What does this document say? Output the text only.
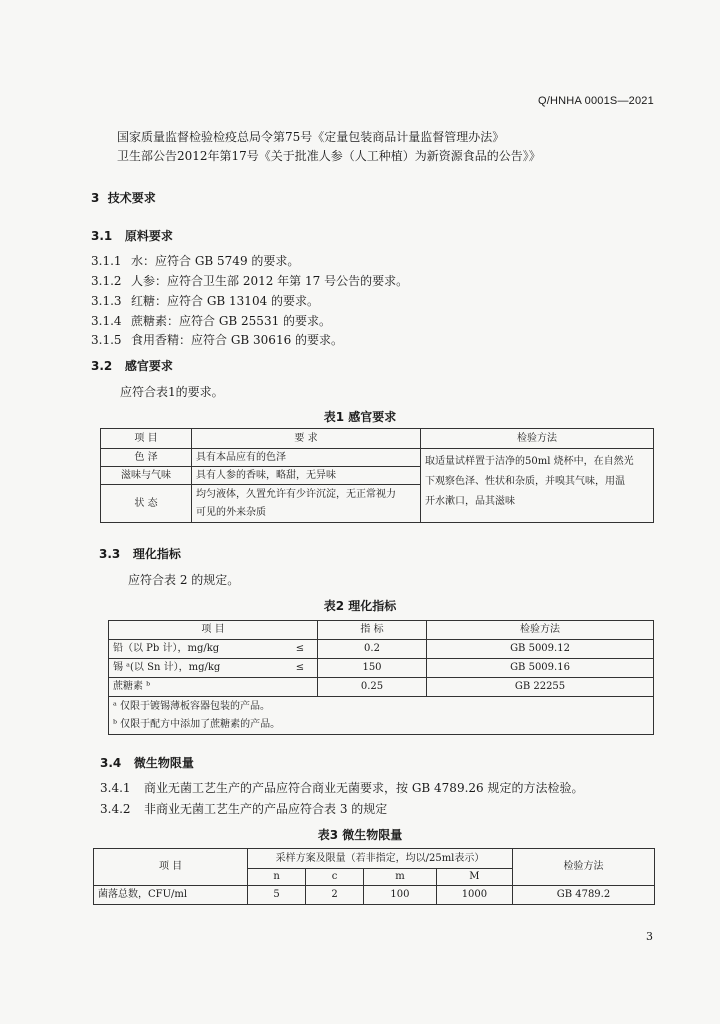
Q/HNHA 0001S—2021
国家质量监督检验检疫总局令第75号《定量包装商品计量监督管理办法》
卫生部公告2012年第17号《关于批准人参（人工种植）为新资源食品的公告》》
3 技术要求
3.1 原料要求
3.1.1 水：应符合 GB 5749 的要求。
3.1.2 人参：应符合卫生部 2012 年第 17 号公告的要求。
3.1.3 红糖：应符合 GB 13104 的要求。
3.1.4 蔗糖素：应符合 GB 25531 的要求。
3.1.5 食用香精：应符合 GB 30616 的要求。
3.2 感官要求
应符合表1的要求。
表1 感官要求
项 目	要 求	检验方法
色 泽	具有本品应有的色泽	取适量试样置于洁净的50ml 烧杯中，在自然光
下观察色泽、性状和杂质，并嗅其气味，用温
开水漱口，品其滋味

滋味与气味	具有人参的香味，略甜，无异味	
状 态	均匀液体，久置允许有少许沉淀，无正常视力
可见的外来杂质	
3.3 理化指标
应符合表 2 的规定。
表2 理化指标
项 目		指 标	检验方法
铅（以 Pb 计），mg/kg	≤	0.2	GB 5009.12
锡 ᵃ(以 Sn 计），mg/kg	≤	150	GB 5009.16
蔗糖素 ᵇ		0.25	GB 22255

ᵃ 仅限于镀锡薄板容器包装的产品。
ᵇ 仅限于配方中添加了蔗糖素的产品。			
3.4 微生物限量
3.4.1 商业无菌工艺生产的产品应符合商业无菌要求，按 GB 4789.26 规定的方法检验。
3.4.2 非商业无菌工艺生产的产品应符合表 3 的规定
表3 微生物限量
项 目	采样方案及限量（若非指定，均以/25ml表示）				检验方法
	n	c	m	M	
菌落总数，CFU/ml	5	2	100	1000	GB 4789.2
3
